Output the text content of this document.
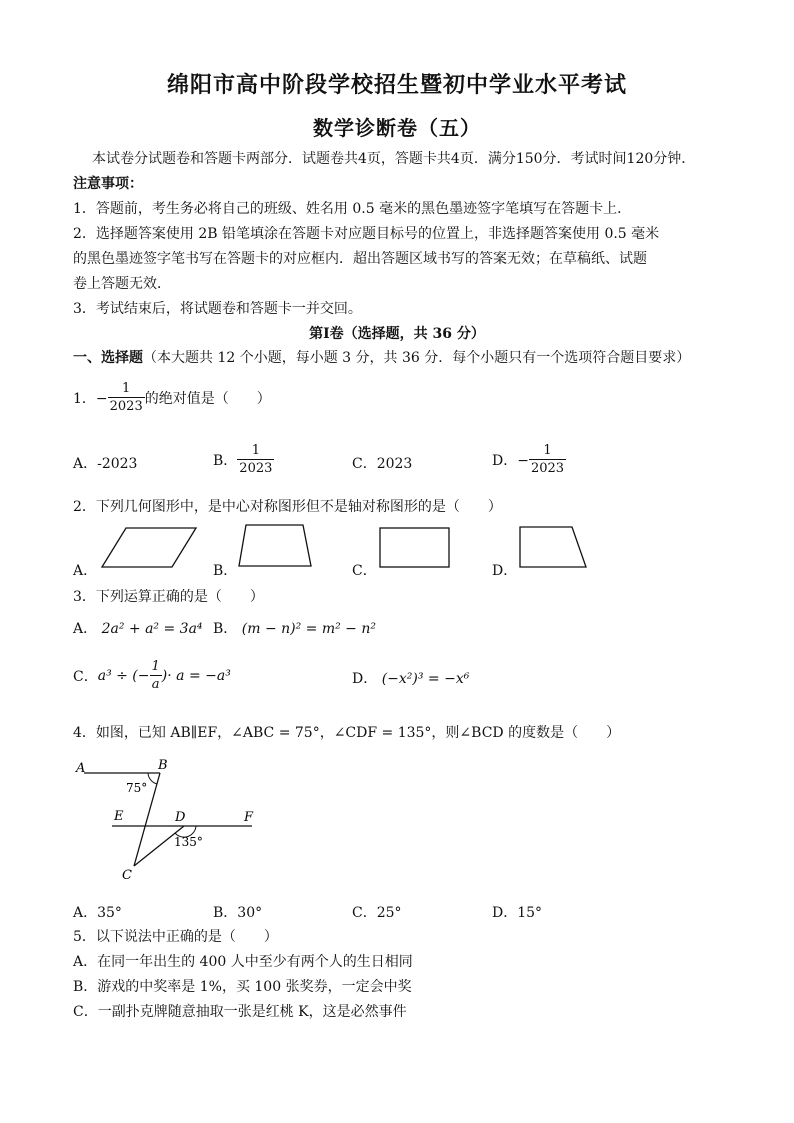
绵阳市高中阶段学校招生暨初中学业水平考试
数学诊断卷（五）
本试卷分试题卷和答题卡两部分．试题卷共4页，答题卡共4页．满分150分．考试时间120分钟．
注意事项：
1．答题前，考生务必将自己的班级、姓名用 0.5 毫米的黑色墨迹签字笔填写在答题卡上．
2．选择题答案使用 2B 铅笔填涂在答题卡对应题目标号的位置上，非选择题答案使用 0.5 毫米
的黑色墨迹签字笔书写在答题卡的对应框内．超出答题区域书写的答案无效；在草稿纸、试题
卷上答题无效．
3．考试结束后，将试题卷和答题卡一并交回。
第Ⅰ卷（选择题，共 36 分）
一、选择题（本大题共 12 个小题，每小题 3 分，共 36 分．每个小题只有一个选项符合题目要求）
1．− $\frac{1}{2023}$ 的绝对值是（　　）
A．-2023	B． $\frac{1}{2023}$	C．2023	D．− $\frac{1}{2023}$
2．下列几何图形中，是中心对称图形但不是轴对称图形的是（　　）
A．	B．	C．	D．
3．下列运算正确的是（　　）
A． 2a² + a² = 3a⁴ B． (m − n)² = m² − n²
C． a³ ÷ (− $\frac{1}{a}$ )· a = −a³	D． (−x²)³ = −x⁶
4．如图，已知 AB∥EF，∠ABC = 75°，∠CDF = 135°，则∠BCD 的度数是（　　）
A	B
75°
E	D	F
135°
C
A．35°	B．30°	C．25°	D．15°
5．以下说法中正确的是（　　）
A．在同一年出生的 400 人中至少有两个人的生日相同
B．游戏的中奖率是 1%，买 100 张奖券，一定会中奖
C．一副扑克牌随意抽取一张是红桃 K，这是必然事件
